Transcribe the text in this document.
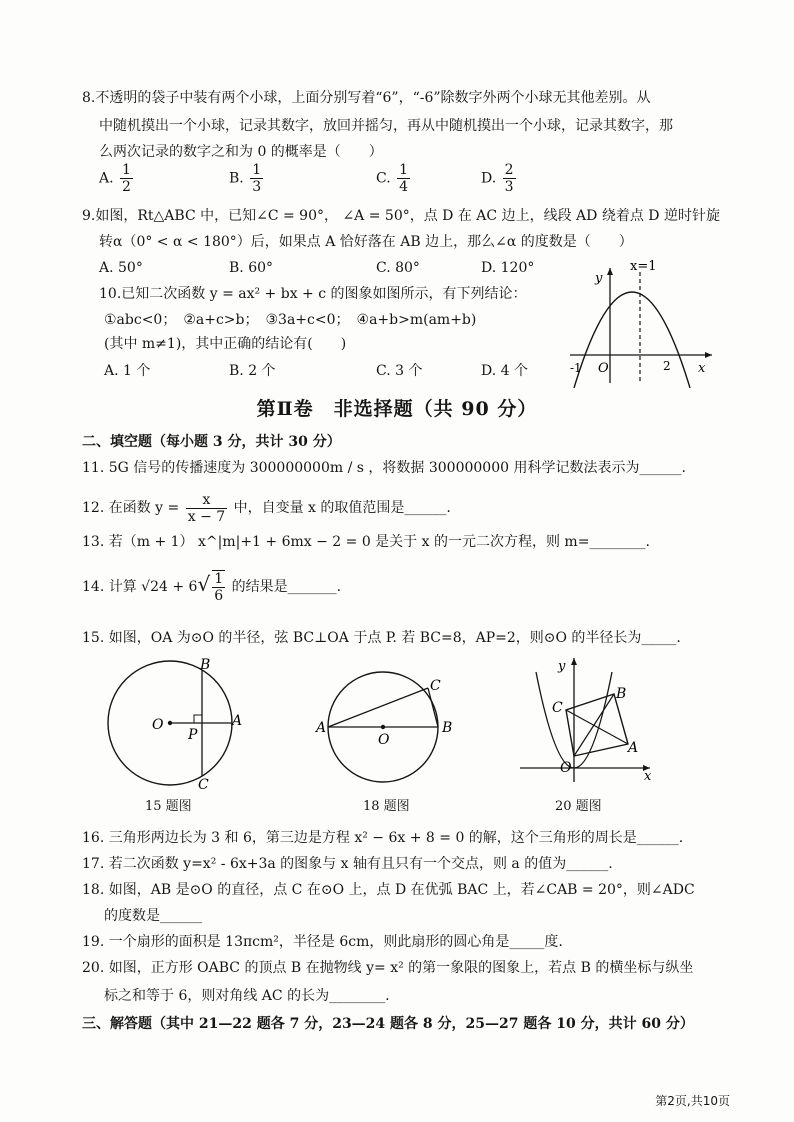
8.不透明的袋子中装有两个小球，上面分别写着“6”，“-6”除数字外两个小球无其他差别。从
中随机摸出一个小球，记录其数字，放回并摇匀，再从中随机摸出一个小球，记录其数字，那
么两次记录的数字之和为 0 的概率是（　　）
A. $\frac{1}{2}$	B. $\frac{1}{3}$	C. $\frac{1}{4}$	D. $\frac{2}{3}$
9.如图，Rt△ABC 中，已知∠C = 90°， ∠A = 50°，点 D 在 AC 边上，线段 AD 绕着点 D 逆时针旋
转α（0° < α < 180°）后，如果点 A 恰好落在 AB 边上，那么∠α 的度数是（　　）
A. 50°	B. 60°	C. 80°	D. 120°
10.已知二次函数 y = ax² + bx + c 的图象如图所示，有下列结论：
①abc<0；　②a+c>b；　③3a+c<0；　④a+b>m(am+b)
(其中 m≠1)，其中正确的结论有(　　)
A. 1 个	B. 2 个	C. 3 个	D. 4 个
y
x=1
-1 O	2 x
第Ⅱ卷　非选择题（共 90 分）
二、填空题（每小题 3 分，共计 30 分）
11. 5G 信号的传播速度为 300000000m / s ，将数据 300000000 用科学记数法表示为______.
12. 在函数 $y = \frac{x}{x - 7}$ 中，自变量 x 的取值范围是______.
13. 若（m + 1） x^|m|+1 + 6mx − 2 = 0 是关于 x 的一元二次方程，则 m=________.
14. 计算 $√24 + 6√ \frac{1}{6}$ 的结果是_______.
15. 如图，OA 为⊙O 的半径，弦 BC⊥OA 于点 P. 若 BC=8，AP=2，则⊙O 的半径长为_____.
O
P
A
B
C
15 题图
A	B
C
O
18 题图
y
x
O
B
C
A
20 题图
16. 三角形两边长为 3 和 6，第三边是方程 x² − 6x + 8 = 0 的解，这个三角形的周长是______.
17. 若二次函数 y=x² - 6x+3a 的图象与 x 轴有且只有一个交点，则 a 的值为______.
18. 如图，AB 是⊙O 的直径，点 C 在⊙O 上，点 D 在优弧 BAC 上，若∠CAB = 20°，则∠ADC
的度数是______
19. 一个扇形的面积是 13πcm²，半径是 6cm，则此扇形的圆心角是_____度.
20. 如图，正方形 OABC 的顶点 B 在抛物线 y= x² 的第一象限的图象上，若点 B 的横坐标与纵坐
标之和等于 6，则对角线 AC 的长为________.
三、解答题（其中 21—22 题各 7 分，23—24 题各 8 分，25—27 题各 10 分，共计 60 分）
第2页,共10页
